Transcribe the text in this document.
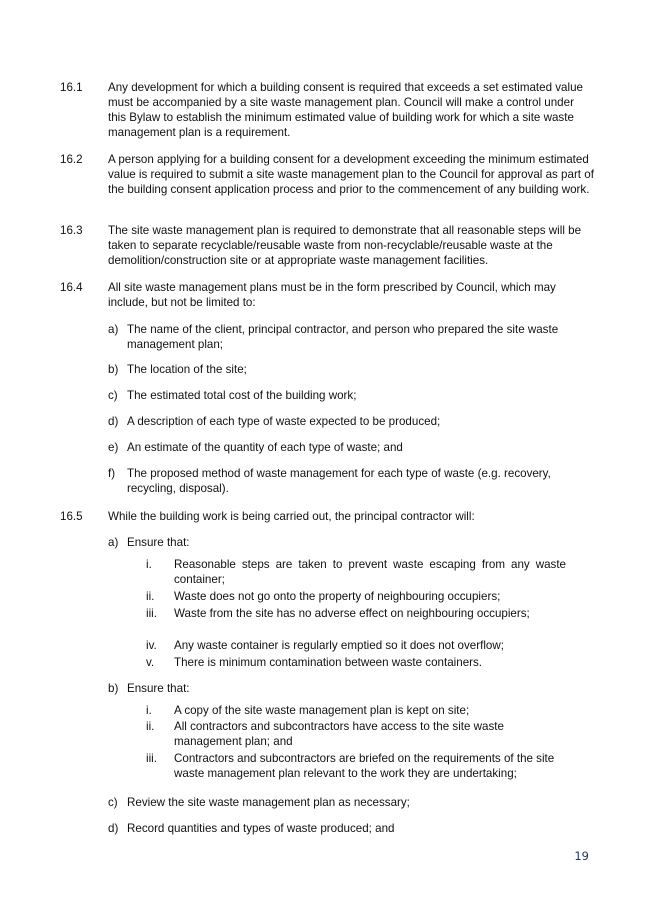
16.1	Any development for which a building consent is required that exceeds a set estimated value must be accompanied by a site waste management plan. Council will make a control under this Bylaw to establish the minimum estimated value of building work for which a site waste management plan is a requirement.
16.2	A person applying for a building consent for a development exceeding the minimum estimated value is required to submit a site waste management plan to the Council for approval as part of the building consent application process and prior to the commencement of any building work.
16.3	The site waste management plan is required to demonstrate that all reasonable steps will be taken to separate recyclable/reusable waste from non-recyclable/reusable waste at the demolition/construction site or at appropriate waste management facilities.
16.4	All site waste management plans must be in the form prescribed by Council, which may include, but not be limited to:
a) The name of the client, principal contractor, and person who prepared the site waste management plan;
b) The location of the site;
c) The estimated total cost of the building work;
d) A description of each type of waste expected to be produced;
e) An estimate of the quantity of each type of waste; and
f)	The proposed method of waste management for each type of waste (e.g. recovery, recycling, disposal).
16.5	While the building work is being carried out, the principal contractor will:
a) Ensure that:
i.	Reasonable steps are taken to prevent waste escaping from any waste container;
ii.	Waste does not go onto the property of neighbouring occupiers;
iii.	Waste from the site has no adverse effect on neighbouring occupiers;
iv.	Any waste container is regularly emptied so it does not overflow;
v.	There is minimum contamination between waste containers.
b) Ensure that:
i.	A copy of the site waste management plan is kept on site;
ii.	All contractors and subcontractors have access to the site waste management plan; and
iii.	Contractors and subcontractors are briefed on the requirements of the site waste management plan relevant to the work they are undertaking;
c) Review the site waste management plan as necessary;
d) Record quantities and types of waste produced; and
19
